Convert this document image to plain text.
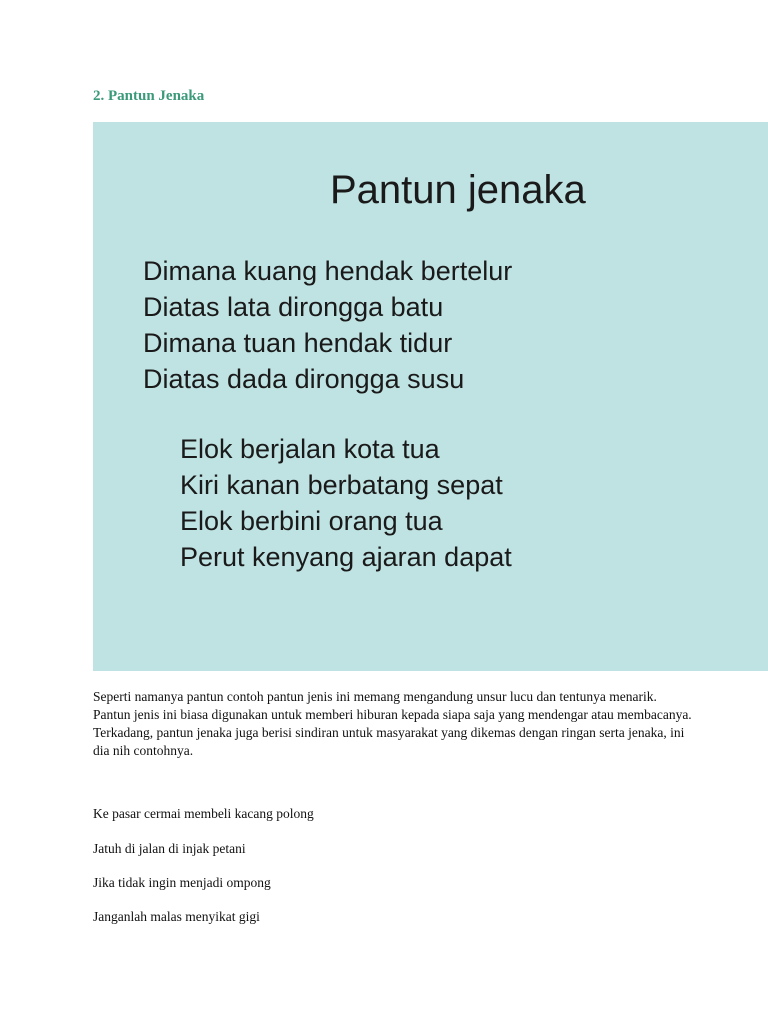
2. Pantun Jenaka
Pantun jenaka
Dimana kuang hendak bertelur
Diatas lata dirongga batu
Dimana tuan hendak tidur
Diatas dada dirongga susu
Elok berjalan kota tua
Kiri kanan berbatang sepat
Elok berbini orang tua
Perut kenyang ajaran dapat

Seperti namanya pantun contoh pantun jenis ini memang mengandung unsur lucu dan tentunya menarik. Pantun jenis ini biasa digunakan untuk memberi hiburan kepada siapa saja yang mendengar atau membacanya. Terkadang, pantun jenaka juga berisi sindiran untuk masyarakat yang dikemas dengan ringan serta jenaka, ini dia nih contohnya.

Ke pasar cermai membeli kacang polong

Jatuh di jalan di injak petani

Jika tidak ingin menjadi ompong

Janganlah malas menyikat gigi
